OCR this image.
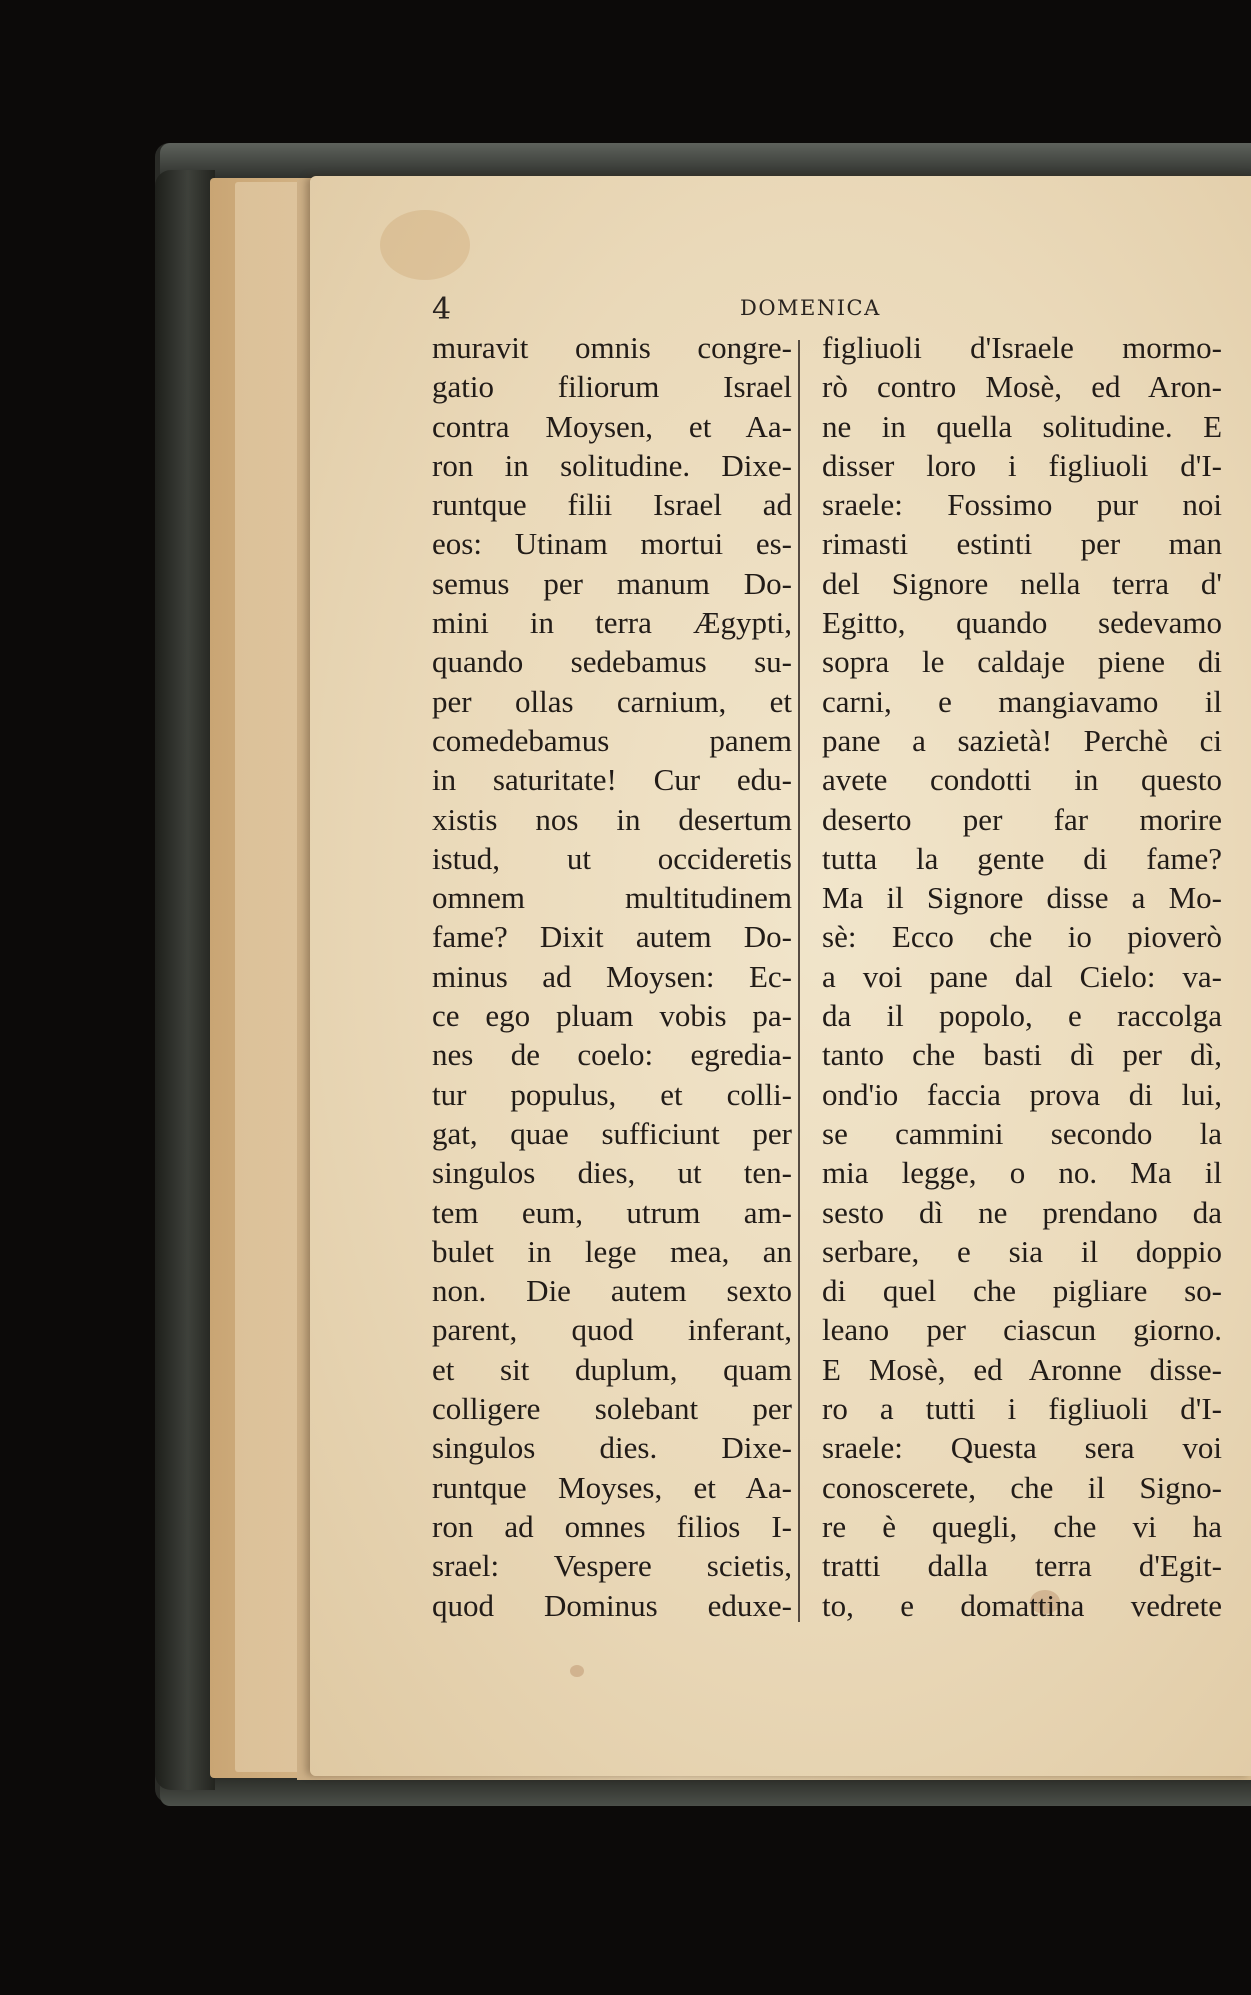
4	DOMENICA
muravit omnis congre-
gatio filiorum Israel
contra Moysen, et Aa-
ron in solitudine. Dixe-
runtque filii Israel ad
eos: Utinam mortui es-
semus per manum Do-
mini in terra Ægypti,
quando sedebamus su-
per ollas carnium, et
comedebamus panem
in saturitate! Cur edu-
xistis nos in desertum
istud, ut occideretis
omnem multitudinem
fame? Dixit autem Do-
minus ad Moysen: Ec-
ce ego pluam vobis pa-
nes de coelo: egredia-
tur populus, et colli-
gat, quae sufficiunt per
singulos dies, ut ten-
tem eum, utrum am-
bulet in lege mea, an
non. Die autem sexto
parent, quod inferant,
et sit duplum, quam
colligere solebant per
singulos dies. Dixe-
runtque Moyses, et Aa-
ron ad omnes filios I-
srael: Vespere scietis,
quod Dominus eduxe-
figliuoli d'Israele mormo-
rò contro Mosè, ed Aron-
ne in quella solitudine. E
disser loro i figliuoli d'I-
sraele: Fossimo pur noi
rimasti estinti per man
del Signore nella terra d'
Egitto, quando sedevamo
sopra le caldaje piene di
carni, e mangiavamo il
pane a sazietà! Perchè ci
avete condotti in questo
deserto per far morire
tutta la gente di fame?
Ma il Signore disse a Mo-
sè: Ecco che io pioverò
a voi pane dal Cielo: va-
da il popolo, e raccolga
tanto che basti dì per dì,
ond'io faccia prova di lui,
se cammini secondo la
mia legge, o no. Ma il
sesto dì ne prendano da
serbare, e sia il doppio
di quel che pigliare so-
leano per ciascun giorno.
E Mosè, ed Aronne disse-
ro a tutti i figliuoli d'I-
sraele: Questa sera voi
conoscerete, che il Signo-
re è quegli, che vi ha
tratti dalla terra d'Egit-
to, e domattina vedrete
